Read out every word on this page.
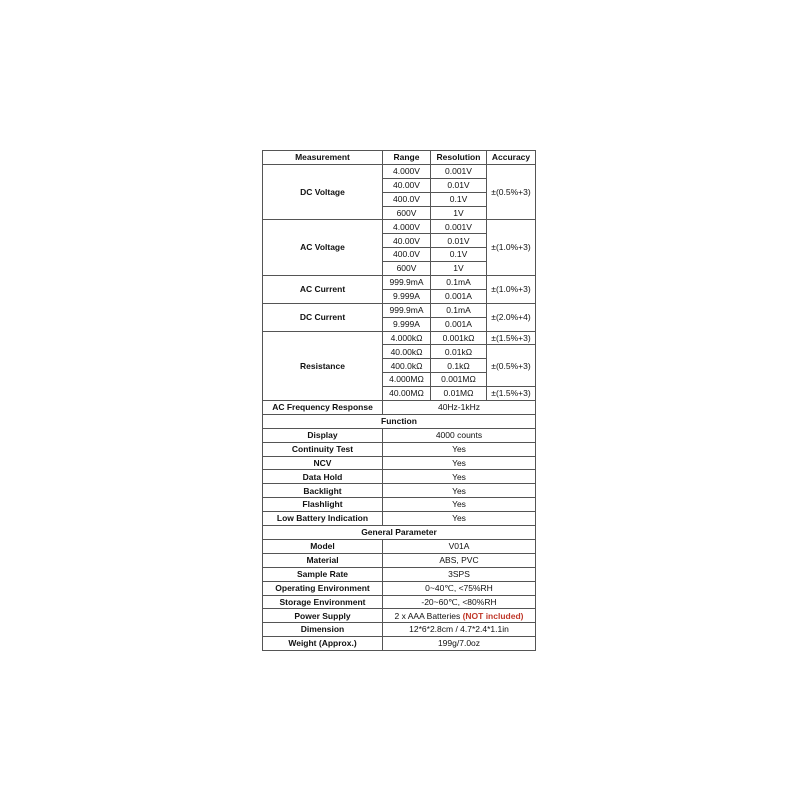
Measurement	Range	Resolution	Accuracy
DC Voltage	4.000V	0.001V	±(0.5%+3)
	40.00V	0.01V	
	400.0V	0.1V	
	600V	1V	
AC Voltage	4.000V	0.001V	±(1.0%+3)
	40.00V	0.01V	
	400.0V	0.1V	
	600V	1V	
AC Current	999.9mA	0.1mA	±(1.0%+3)
	9.999A	0.001A	
DC Current	999.9mA	0.1mA	±(2.0%+4)
	9.999A	0.001A	
Resistance	4.000kΩ	0.001kΩ	±(1.5%+3)
	40.00kΩ	0.01kΩ	±(0.5%+3)
	400.0kΩ	0.1kΩ	
	4.000MΩ	0.001MΩ	
	40.00MΩ	0.01MΩ	±(1.5%+3)
AC Frequency Response	40Hz-1kHz		
Function			
Display	4000 counts		
Continuity Test	Yes		
NCV	Yes		
Data Hold	Yes		
Backlight	Yes		
Flashlight	Yes		
Low Battery Indication	Yes		
General Parameter			
Model	V01A		
Material	ABS, PVC		
Sample Rate	3SPS		
Operating Environment	0~40℃, <75%RH		
Storage Environment	-20~60℃, <80%RH		
Power Supply	2 x AAA Batteries (NOT included)		
Dimension	12*6*2.8cm / 4.7*2.4*1.1in		
Weight (Approx.)	199g/7.0oz		
